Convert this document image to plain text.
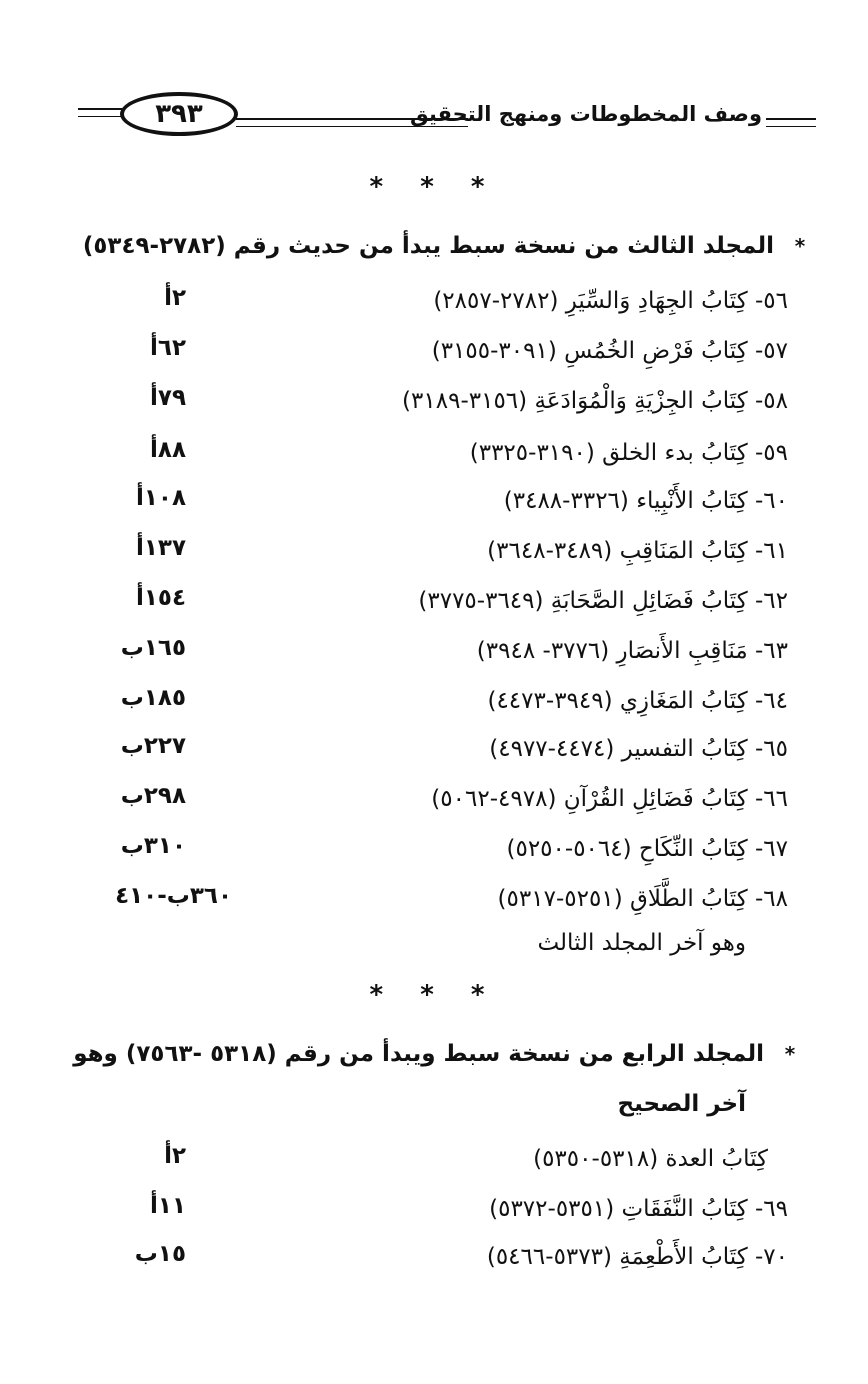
٣٩٣	وصف المخطوطات ومنهج التحقيق
* * *
* المجلد الثالث من نسخة سبط يبدأ من حديث رقم (٢٧٨٢-٥٣٤٩)
٥٦- كِتَابُ الجِهَادِ وَالسِّيَرِ (٢٧٨٢-٢٨٥٧)
٢أ
٥٧- كِتَابُ فَرْضِ الخُمُسِ (٣٠٩١-٣١٥٥)
٦٢أ
٥٨- كِتَابُ الجِزْيَةِ وَالْمُوَادَعَةِ (٣١٥٦-٣١٨٩)
٧٩أ
٥٩- كِتَابُ بدء الخلق (٣١٩٠-٣٣٢٥)
٨٨أ
٦٠- كِتَابُ الأَنْبِياء (٣٣٢٦-٣٤٨٨)
١٠٨أ
٦١- كِتَابُ المَنَاقِبِ (٣٤٨٩-٣٦٤٨)
١٣٧أ
٦٢- كِتَابُ فَضَائِلِ الصَّحَابَةِ (٣٦٤٩-٣٧٧٥)
١٥٤أ
٦٣- مَنَاقِبِ الأَنصَارِ (٣٧٧٦- ٣٩٤٨)
١٦٥ب
٦٤- كِتَابُ المَغَازِي (٣٩٤٩-٤٤٧٣)
١٨٥ب
٦٥- كِتَابُ التفسير (٤٤٧٤-٤٩٧٧)
٢٢٧ب
٦٦- كِتَابُ فَضَائِلِ القُرْآنِ (٤٩٧٨-٥٠٦٢)
٢٩٨ب
٦٧- كِتَابُ النِّكَاحِ (٥٠٦٤-٥٢٥٠)
٣١٠ب
٦٨- كِتَابُ الطَّلَاقِ (٥٢٥١-٥٣١٧)
٣٦٠ب-٤١٠
وهو آخر المجلد الثالث
* * *
* المجلد الرابع من نسخة سبط ويبدأ من رقم (٥٣١٨ -٧٥٦٣) وهو
آخر الصحيح
كِتَابُ العدة (٥٣١٨-٥٣٥٠)
٢أ
٦٩- كِتَابُ النَّفَقَاتِ (٥٣٥١-٥٣٧٢)
١١أ
٧٠- كِتَابُ الأَطْعِمَةِ (٥٣٧٣-٥٤٦٦)
١٥ب
